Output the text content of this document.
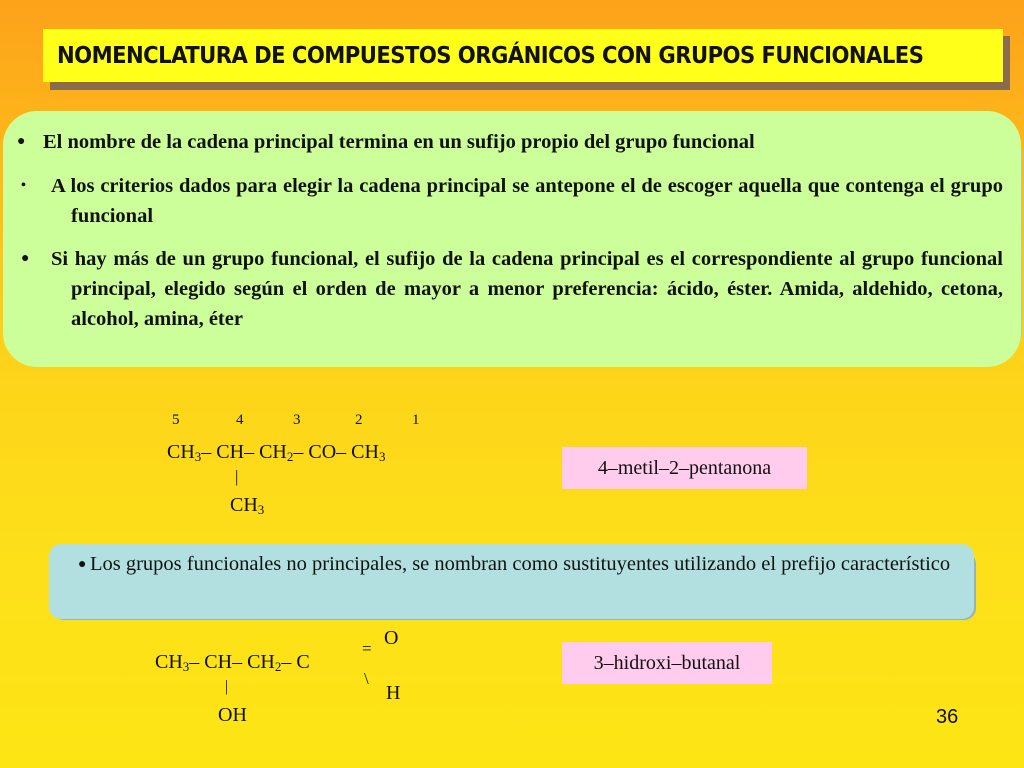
NOMENCLATURA DE COMPUESTOS ORGÁNICOS CON GRUPOS FUNCIONALES
● El nombre de la cadena principal termina en un sufijo propio del grupo funcional
• A los criterios dados para elegir la cadena principal se antepone el de escoger aquella que contenga el grupo funcional
● Si hay más de un grupo funcional, el sufijo de la cadena principal es el correspondiente al grupo funcional principal, elegido según el orden de mayor a menor preferencia: ácido, éster. Amida, aldehido, cetona, alcohol, amina, éter
5	4	3	2	1
$CH_3-$ CH– $CH_2-$ CO– $CH_3$
|
$CH_3$
4–metil–2–pentanona
● Los grupos funcionales no principales, se nombran como sustituyentes utilizando el prefijo característico
$CH_3-$ CH– $CH_2-$ C
= O
\
H
|
OH
3–hidroxi–butanal
36
